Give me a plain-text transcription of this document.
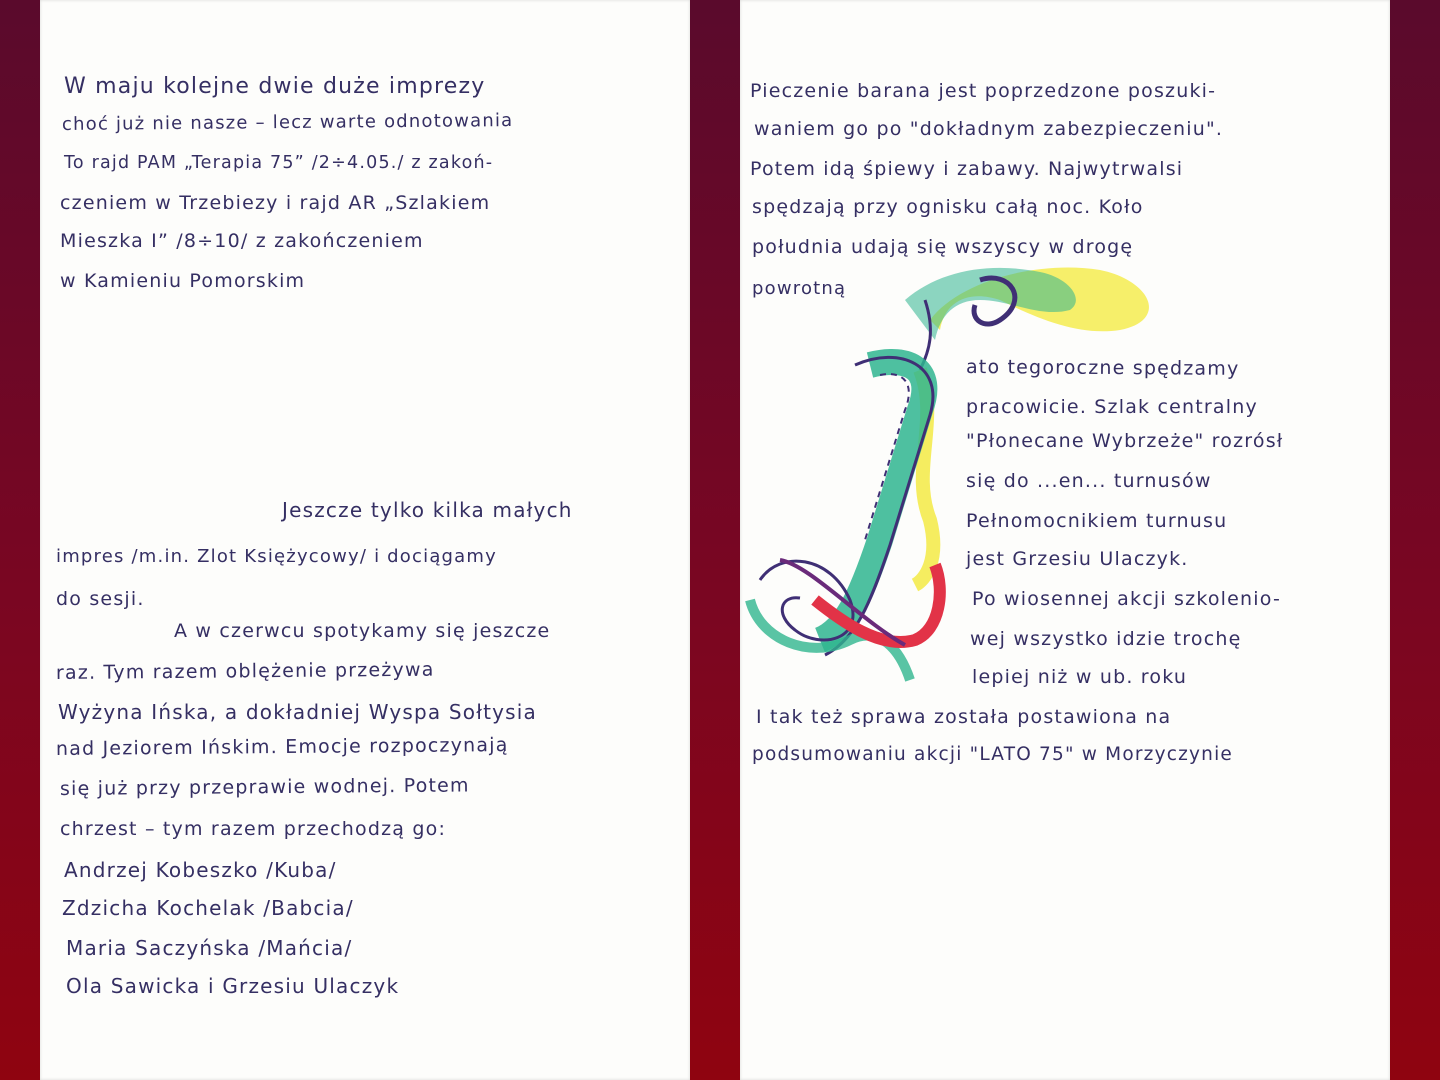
W maju kolejne dwie duże imprezy

choć już nie nasze – lecz warte odnotowania

To rajd PAM „Terapia 75” /2÷4.05./ z zakoń-

czeniem w Trzebiezy i rajd AR „Szlakiem

Mieszka I” /8÷10/ z zakończeniem

w Kamieniu Pomorskim

Jeszcze tylko kilka małych

impres /m.in. Zlot Księżycowy/ i dociągamy

do sesji.

A w czerwcu spotykamy się jeszcze

raz. Tym razem oblężenie przeżywa

Wyżyna Ińska, a dokładniej Wyspa Sołtysia

nad Jeziorem Ińskim. Emocje rozpoczynają

się już przy przeprawie wodnej. Potem

chrzest – tym razem przechodzą go:

Andrzej Kobeszko /Kuba/

Zdzicha Kochelak /Babcia/

Maria Saczyńska /Mańcia/

Ola Sawicka i Grzesiu Ulaczyk

Pieczenie barana jest poprzedzone poszuki-

waniem go po "dokładnym zabezpieczeniu".

Potem idą śpiewy i zabawy. Najwytrwalsi

spędzają przy ognisku całą noc. Koło

południa udają się wszyscy w drogę

powrotną

ato tegoroczne spędzamy

pracowicie. Szlak centralny

"Płonecane Wybrzeże" rozrósł

się do ...en... turnusów

Pełnomocnikiem turnusu

jest Grzesiu Ulaczyk.

Po wiosennej akcji szkolenio-

wej wszystko idzie trochę

lepiej niż w ub. roku

I tak też sprawa została postawiona na

podsumowaniu akcji "LATO 75" w Morzyczynie
